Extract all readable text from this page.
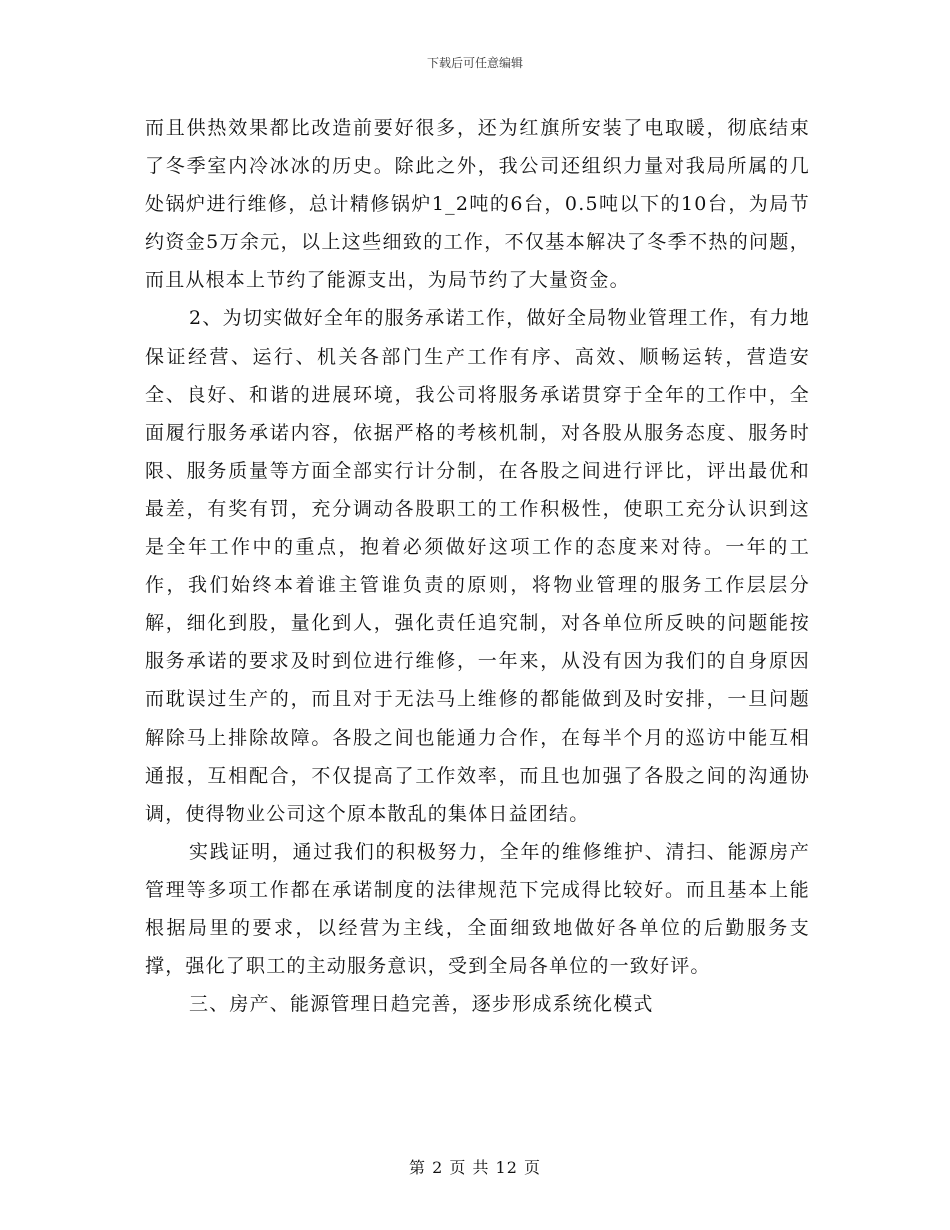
下载后可任意编辑

而且供热效果都比改造前要好很多，还为红旗所安装了电取暖，彻底结束了冬季室内冷冰冰的历史。除此之外，我公司还组织力量对我局所属的几处锅炉进行维修，总计精修锅炉1_2吨的6台，0.5吨以下的10台，为局节约资金5万余元，以上这些细致的工作，不仅基本解决了冬季不热的问题，而且从根本上节约了能源支出，为局节约了大量资金。

2、为切实做好全年的服务承诺工作，做好全局物业管理工作，有力地保证经营、运行、机关各部门生产工作有序、高效、顺畅运转，营造安全、良好、和谐的进展环境，我公司将服务承诺贯穿于全年的工作中，全面履行服务承诺内容，依据严格的考核机制，对各股从服务态度、服务时限、服务质量等方面全部实行计分制，在各股之间进行评比，评出最优和最差，有奖有罚，充分调动各股职工的工作积极性，使职工充分认识到这是全年工作中的重点，抱着必须做好这项工作的态度来对待。一年的工作，我们始终本着谁主管谁负责的原则，将物业管理的服务工作层层分解，细化到股，量化到人，强化责任追究制，对各单位所反映的问题能按服务承诺的要求及时到位进行维修，一年来，从没有因为我们的自身原因而耽误过生产的，而且对于无法马上维修的都能做到及时安排，一旦问题解除马上排除故障。各股之间也能通力合作，在每半个月的巡访中能互相通报，互相配合，不仅提高了工作效率，而且也加强了各股之间的沟通协调，使得物业公司这个原本散乱的集体日益团结。

实践证明，通过我们的积极努力，全年的维修维护、清扫、能源房产管理等多项工作都在承诺制度的法律规范下完成得比较好。而且基本上能根据局里的要求，以经营为主线，全面细致地做好各单位的后勤服务支撑，强化了职工的主动服务意识，受到全局各单位的一致好评。

三、房产、能源管理日趋完善，逐步形成系统化模式

第 2 页 共 12 页
